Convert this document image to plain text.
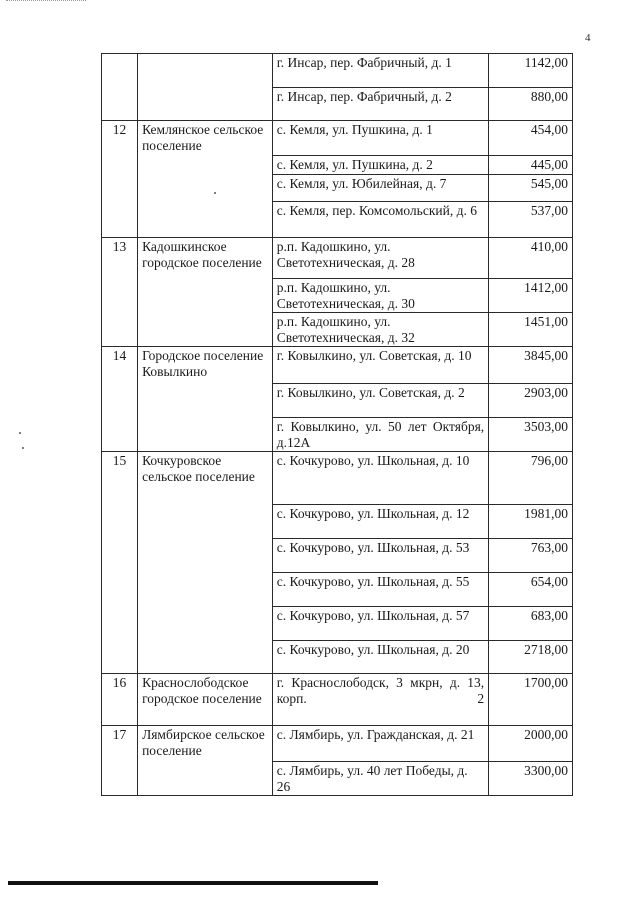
4
		г. Инсар, пер. Фабричный, д. 1	1142,00
		г. Инсар, пер. Фабричный, д. 2	880,00
12	Кемлянское сельское поселение	с. Кемля, ул. Пушкина, д. 1	454,00
		с. Кемля, ул. Пушкина, д. 2	445,00
		с. Кемля, ул. Юбилейная, д. 7	545,00
		с. Кемля, пер. Комсомольский, д. 6	537,00
13	Кадошкинское городское поселение	р.п. Кадошкино, ул. Светотехническая, д. 28	410,00
		р.п. Кадошкино, ул. Светотехническая, д. 30	1412,00
		р.п. Кадошкино, ул. Светотехническая, д. 32	1451,00
14	Городское поселение Ковылкино	г. Ковылкино, ул. Советская, д. 10	3845,00
		г. Ковылкино, ул. Советская, д. 2	2903,00
		г. Ковылкино, ул. 50 лет Октября, д.12А	3503,00
15	Кочкуровское сельское поселение	с. Кочкурово, ул. Школьная, д. 10	796,00
		с. Кочкурово, ул. Школьная, д. 12	1981,00
		с. Кочкурово, ул. Школьная, д. 53	763,00
		с. Кочкурово, ул. Школьная, д. 55	654,00
		с. Кочкурово, ул. Школьная, д. 57	683,00
		с. Кочкурово, ул. Школьная, д. 20	2718,00
16	Краснослободское городское поселение	г. Краснослободск, 3 мкрн, д. 13, корп. 2	1700,00
17	Лямбирское сельское поселение	с. Лямбирь, ул. Гражданская, д. 21	2000,00
		с. Лямбирь, ул. 40 лет Победы, д. 26	3300,00
